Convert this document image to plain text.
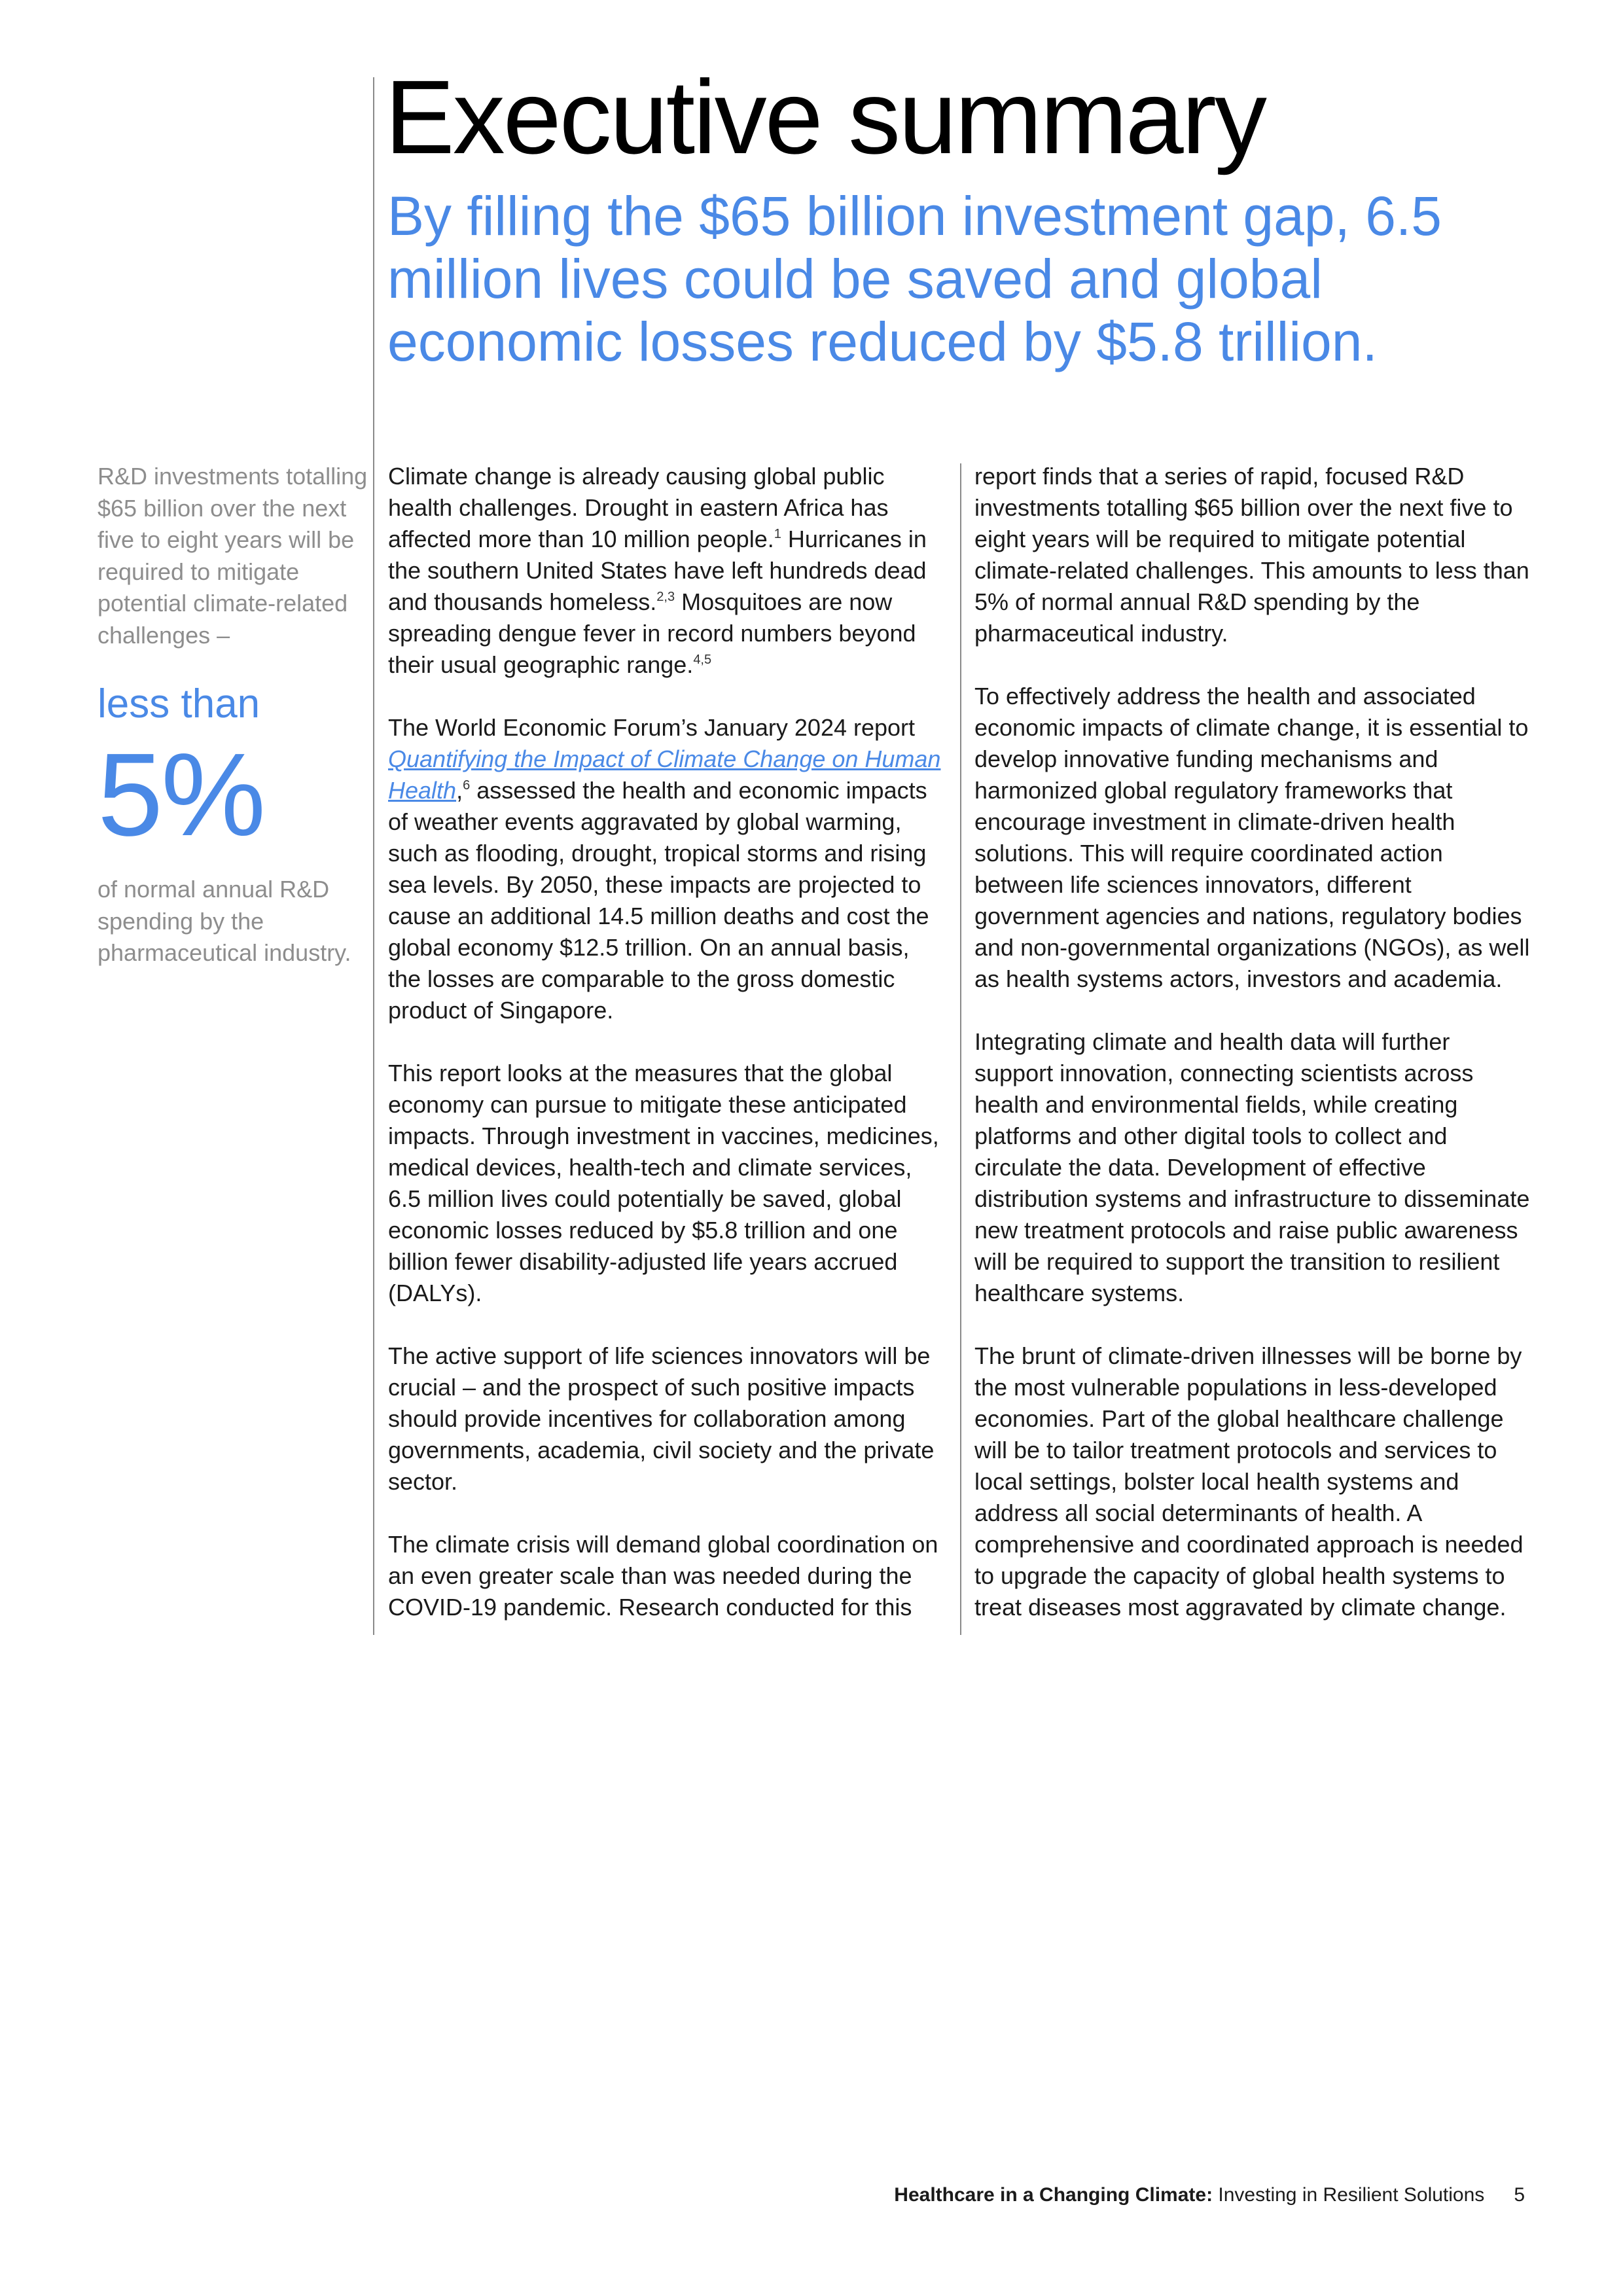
Executive summary
By filling the $65 billion investment gap, 6.5 million lives could be saved and global economic losses reduced by $5.8 trillion.
R&D investments totalling $65 billion over the next five to eight years will be required to mitigate potential climate-related challenges –
less than
5%
of normal annual R&D spending by the pharmaceutical industry.

Climate change is already causing global public health challenges. Drought in eastern Africa has affected more than 10 million people.$^1$ Hurricanes in the southern United States have left hundreds dead and thousands homeless.$^{2,3}$ Mosquitoes are now spreading dengue fever in record numbers beyond their usual geographic range.$^{4,5}$

The World Economic Forum’s January 2024 report Quantifying the Impact of Climate Change on Human Health,$^6$ assessed the health and economic impacts of weather events aggravated by global warming, such as flooding, drought, tropical storms and rising sea levels. By 2050, these impacts are projected to cause an additional 14.5 million deaths and cost the global economy $12.5 trillion. On an annual basis, the losses are comparable to the gross domestic product of Singapore.

This report looks at the measures that the global economy can pursue to mitigate these anticipated impacts. Through investment in vaccines, medicines, medical devices, health-tech and climate services, 6.5 million lives could potentially be saved, global economic losses reduced by $5.8 trillion and one billion fewer disability-adjusted life years accrued (DALYs).

The active support of life sciences innovators will be crucial – and the prospect of such positive impacts should provide incentives for collaboration among governments, academia, civil society and the private sector.

The climate crisis will demand global coordination on an even greater scale than was needed during the COVID-19 pandemic. Research conducted for this

report finds that a series of rapid, focused R&D investments totalling $65 billion over the next five to eight years will be required to mitigate potential climate-related challenges. This amounts to less than 5% of normal annual R&D spending by the pharmaceutical industry.

To effectively address the health and associated economic impacts of climate change, it is essential to develop innovative funding mechanisms and harmonized global regulatory frameworks that encourage investment in climate-driven health solutions. This will require coordinated action between life sciences innovators, different government agencies and nations, regulatory bodies and non-governmental organizations (NGOs), as well as health systems actors, investors and academia.

Integrating climate and health data will further support innovation, connecting scientists across health and environmental fields, while creating platforms and other digital tools to collect and circulate the data. Development of effective distribution systems and infrastructure to disseminate new treatment protocols and raise public awareness will be required to support the transition to resilient healthcare systems.

The brunt of climate-driven illnesses will be borne by the most vulnerable populations in less-developed economies. Part of the global healthcare challenge will be to tailor treatment protocols and services to local settings, bolster local health systems and address all social determinants of health. A comprehensive and coordinated approach is needed to upgrade the capacity of global health systems to treat diseases most aggravated by climate change.

Healthcare in a Changing Climate: Investing in Resilient Solutions 5
